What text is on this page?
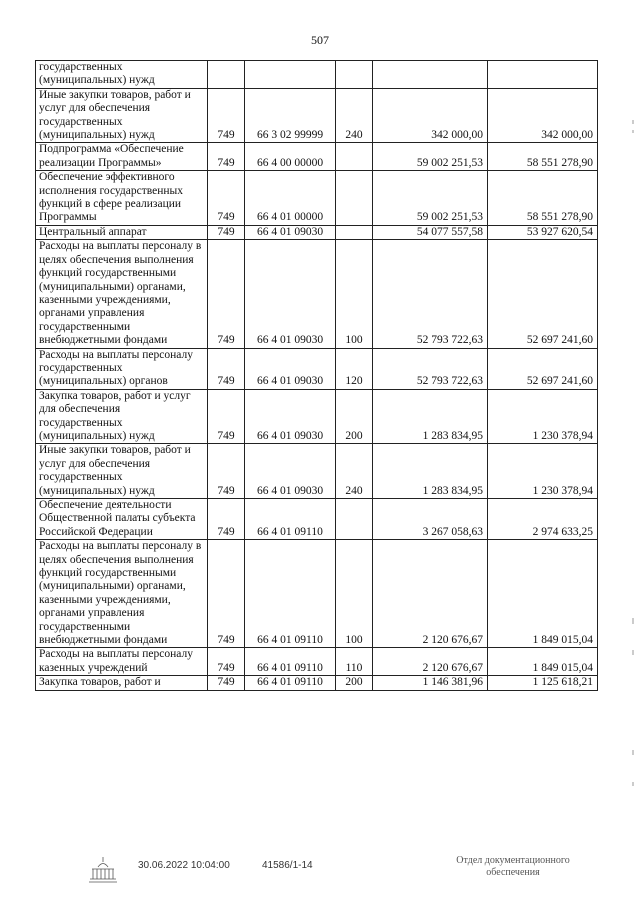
507
государственных (муниципальных) нужд					
Иные закупки товаров, работ и услуг для обеспечения государственных (муниципальных) нужд	749	66 3 02 99999	240	342 000,00	342 000,00
Подпрограмма «Обеспечение реализации Программы»	749	66 4 00 00000		59 002 251,53	58 551 278,90
Обеспечение эффективного исполнения государственных функций в сфере реализации Программы	749	66 4 01 00000		59 002 251,53	58 551 278,90
Центральный аппарат	749	66 4 01 09030		54 077 557,58	53 927 620,54
Расходы на выплаты персоналу в целях обеспечения выполнения функций государственными (муниципальными) органами, казенными учреждениями, органами управления государственными внебюджетными фондами	749	66 4 01 09030	100	52 793 722,63	52 697 241,60
Расходы на выплаты персоналу государственных (муниципальных) органов	749	66 4 01 09030	120	52 793 722,63	52 697 241,60
Закупка товаров, работ и услуг для обеспечения государственных (муниципальных) нужд	749	66 4 01 09030	200	1 283 834,95	1 230 378,94
Иные закупки товаров, работ и услуг для обеспечения государственных (муниципальных) нужд	749	66 4 01 09030	240	1 283 834,95	1 230 378,94
Обеспечение деятельности Общественной палаты субъекта Российской Федерации	749	66 4 01 09110		3 267 058,63	2 974 633,25
Расходы на выплаты персоналу в целях обеспечения выполнения функций государственными (муниципальными) органами, казенными учреждениями, органами управления государственными внебюджетными фондами	749	66 4 01 09110	100	2 120 676,67	1 849 015,04
Расходы на выплаты персоналу казенных учреждений	749	66 4 01 09110	110	2 120 676,67	1 849 015,04
Закупка товаров, работ и	749	66 4 01 09110	200	1 146 381,96	1 125 618,21
30.06.2022 10:04:00	41586/1-14	Отдел документационного обеспечения
